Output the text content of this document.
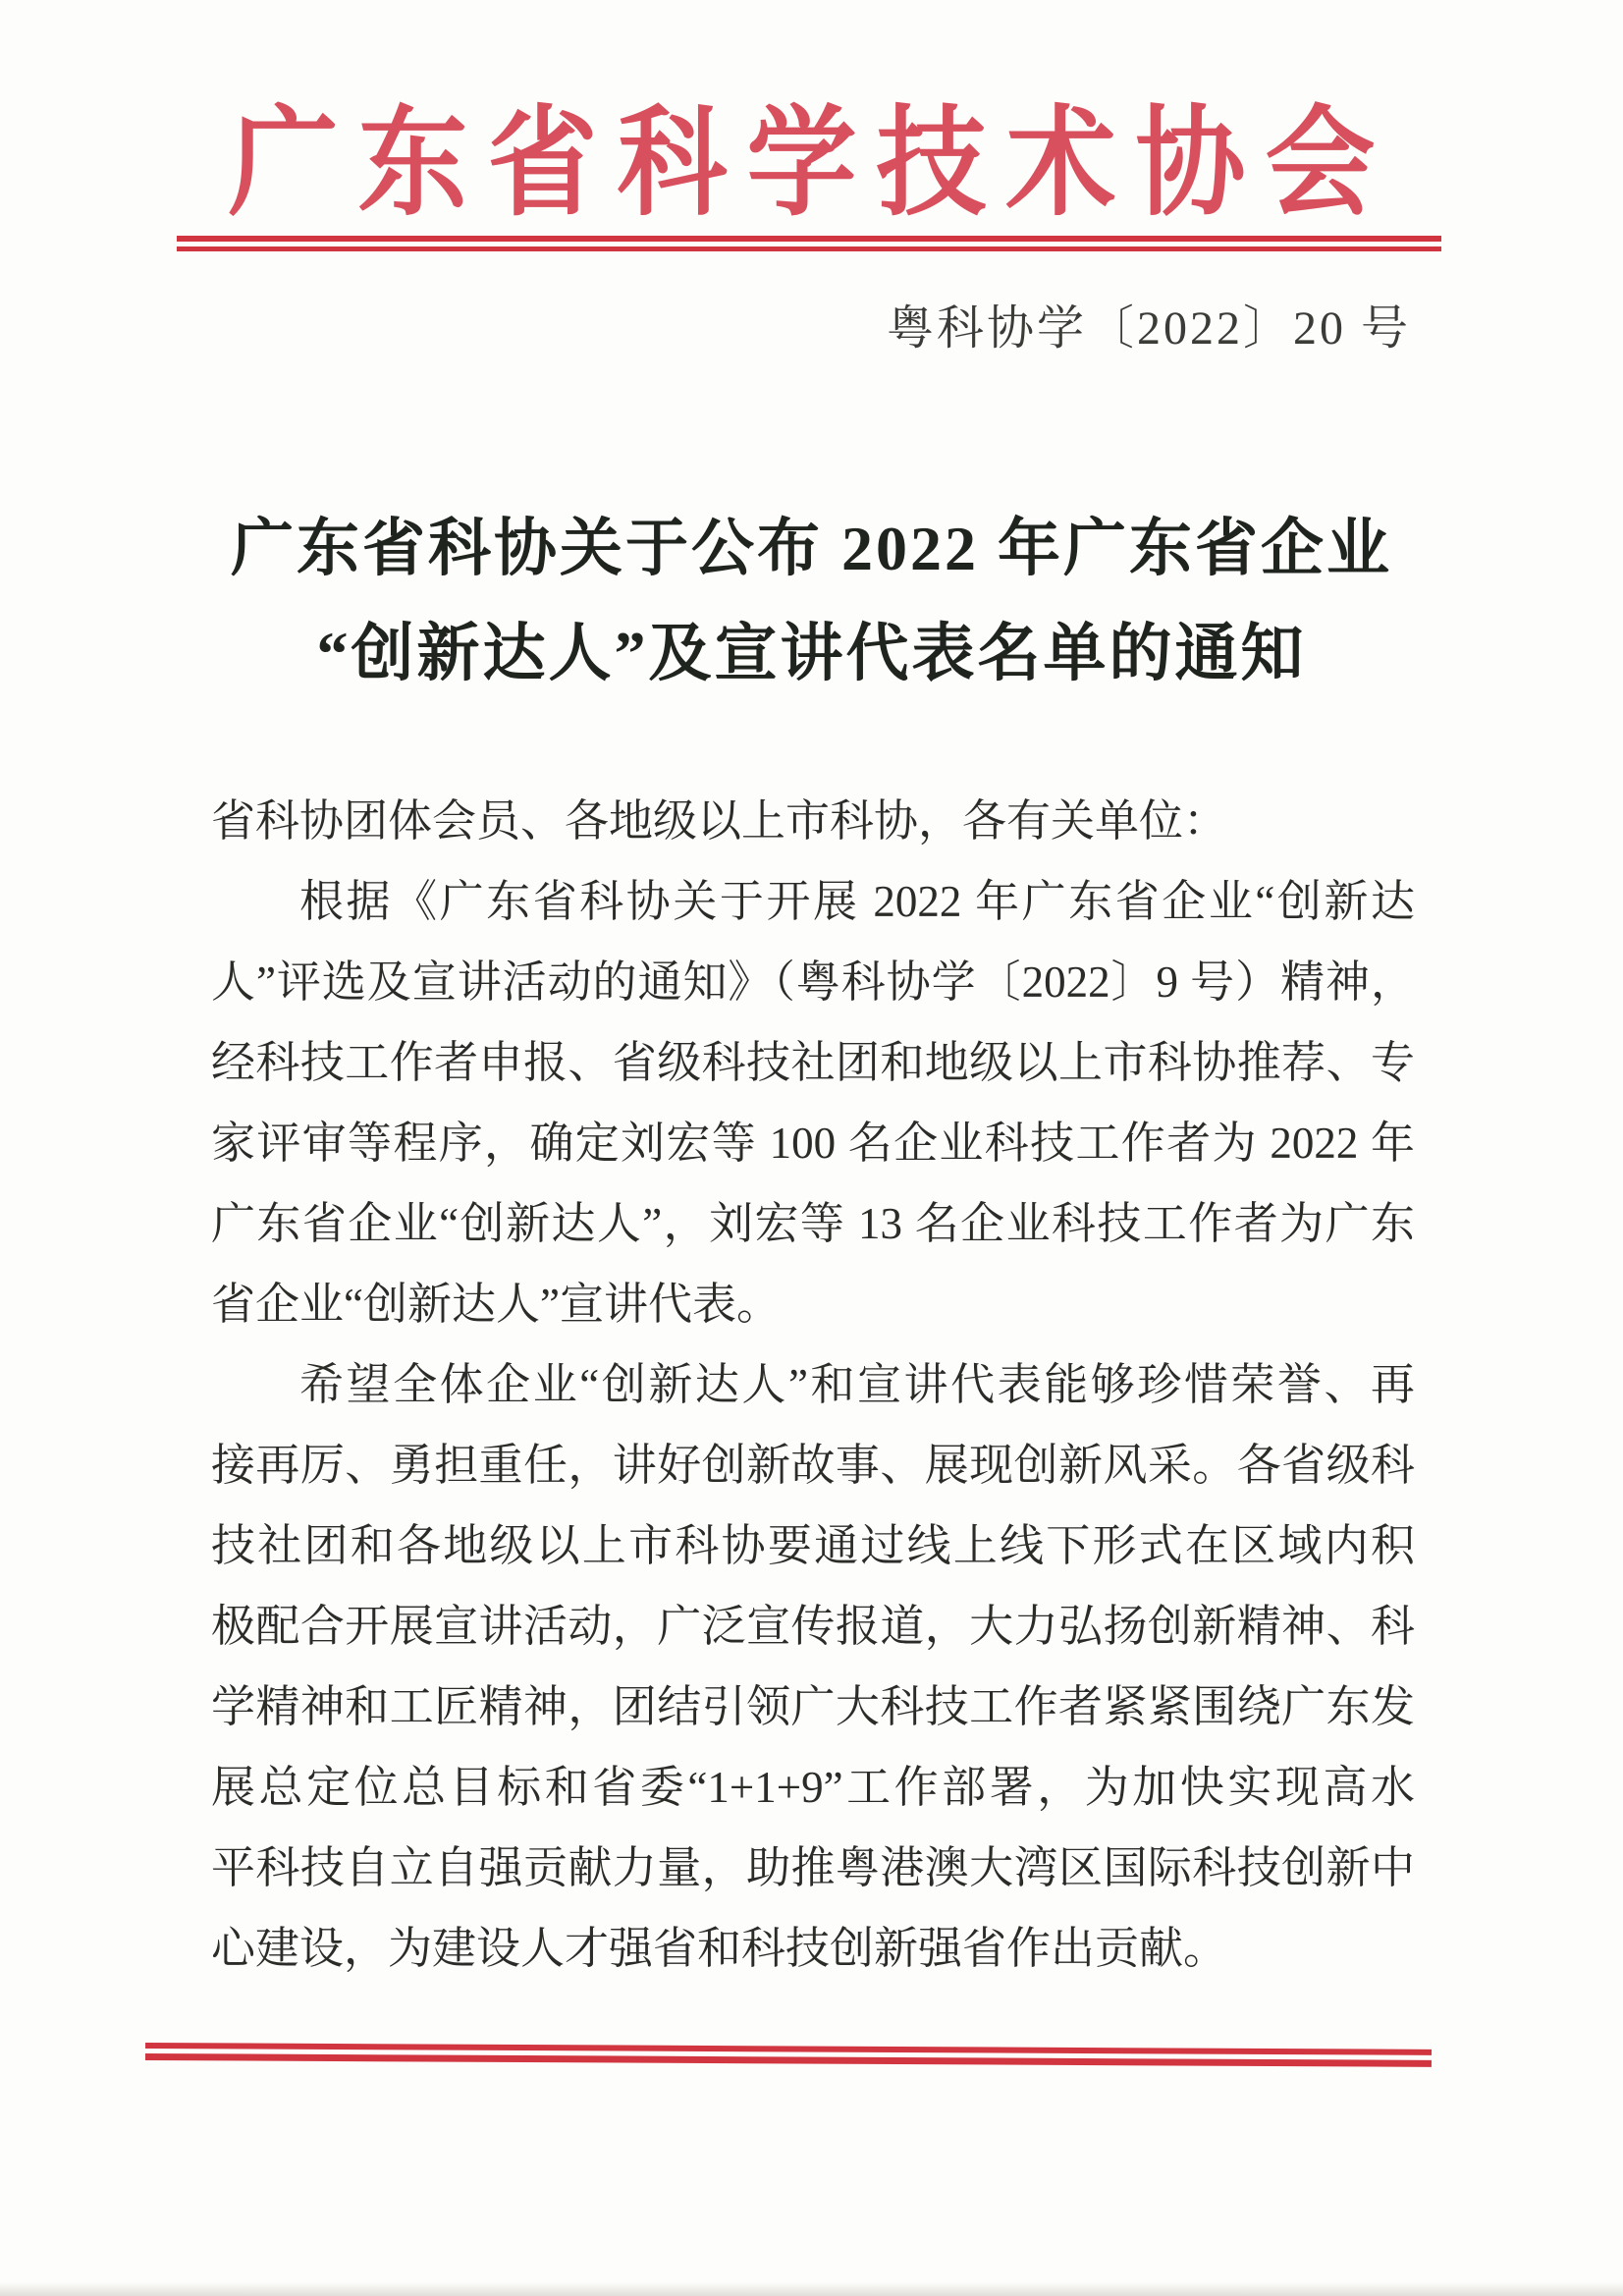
广东省科学技术协会
粤科协学〔2022〕20 号
广东省科协关于公布 2022 年广东省企业
“创新达人”及宣讲代表名单的通知
省科协团体会员、各地级以上市科协，各有关单位：
根据《广东省科协关于开展 2022 年广东省企业“创新达
人”评选及宣讲活动的通知》（粤科协学〔2022〕9 号）精神，
经科技工作者申报、省级科技社团和地级以上市科协推荐、专
家评审等程序，确定刘宏等 100 名企业科技工作者为 2022 年
广东省企业“创新达人”，刘宏等 13 名企业科技工作者为广东
省企业“创新达人”宣讲代表。
希望全体企业“创新达人”和宣讲代表能够珍惜荣誉、再
接再厉、勇担重任，讲好创新故事、展现创新风采。各省级科
技社团和各地级以上市科协要通过线上线下形式在区域内积
极配合开展宣讲活动，广泛宣传报道，大力弘扬创新精神、科
学精神和工匠精神，团结引领广大科技工作者紧紧围绕广东发
展总定位总目标和省委“1+1+9”工作部署，为加快实现高水
平科技自立自强贡献力量，助推粤港澳大湾区国际科技创新中
心建设，为建设人才强省和科技创新强省作出贡献。
